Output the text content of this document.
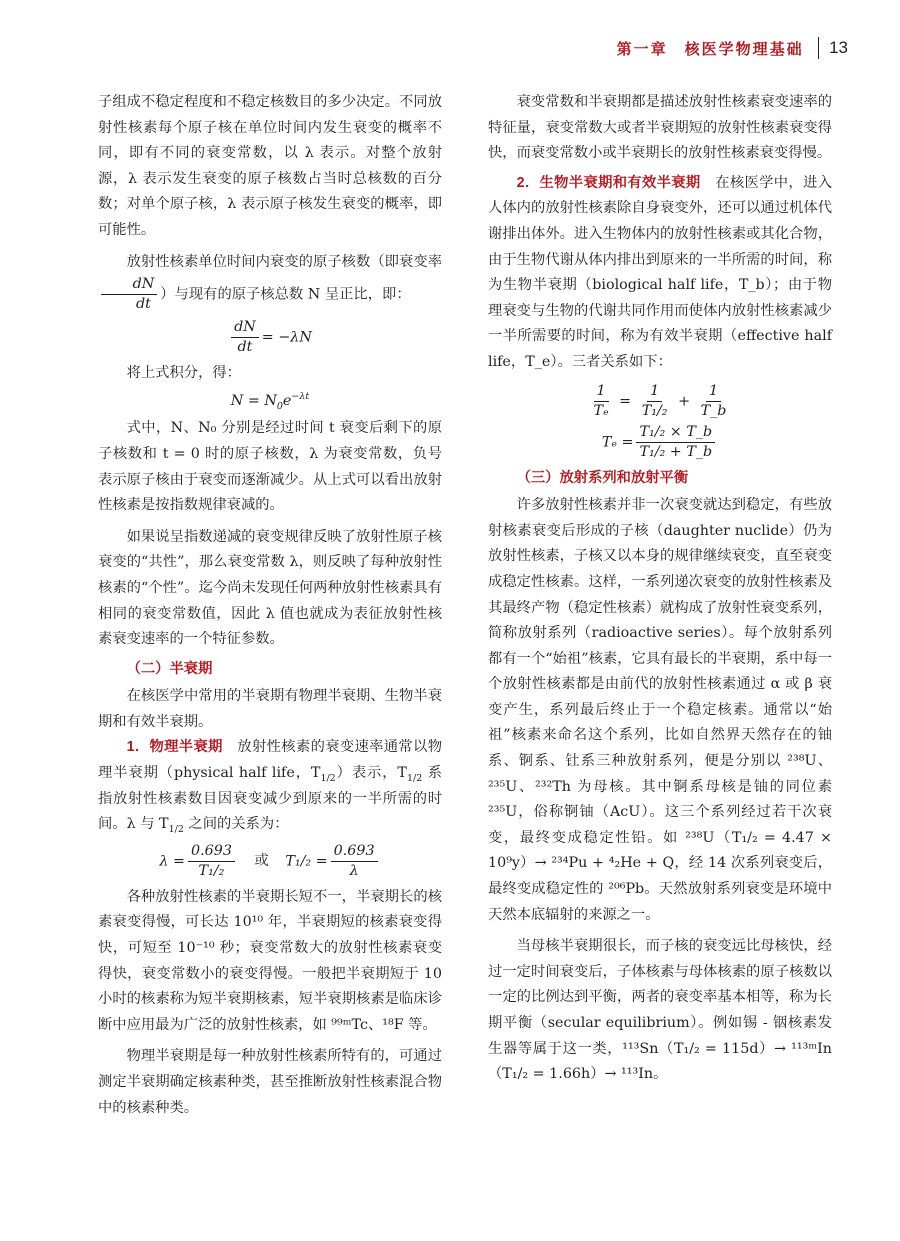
第一章　核医学物理基础 13

子组成不稳定程度和不稳定核数目的多少决定。不同放射性核素每个原子核在单位时间内发生衰变的概率不同，即有不同的衰变常数，以 λ 表示。对整个放射源，λ 表示发生衰变的原子核数占当时总核数的百分数；对单个原子核，λ 表示原子核发生衰变的概率，即可能性。

放射性核素单位时间内衰变的原子核数（即衰变率
$\frac{dN}{dt}$ ）与现有的原子核总数 N 呈正比，即：

$\frac{dN}{dt} = -\lambda N$

将上式积分，得：

$N = N_0e^{-\lambda t}$

式中，N、N₀ 分别是经过时间 t 衰变后剩下的原子核数和 t = 0 时的原子核数，λ 为衰变常数，负号表示原子核由于衰变而逐渐减少。从上式可以看出放射性核素是按指数规律衰减的。

如果说呈指数递减的衰变规律反映了放射性原子核衰变的“共性”，那么衰变常数 λ，则反映了每种放射性核素的“个性”。迄今尚未发现任何两种放射性核素具有相同的衰变常数值，因此 λ 值也就成为表征放射性核素衰变速率的一个特征参数。

（二）半衰期

在核医学中常用的半衰期有物理半衰期、生物半衰期和有效半衰期。

1．物理半衰期　放射性核素的衰变速率通常以物理半衰期（physical half life，$T_{1/2}$）表示，$T_{1/2}$ 系指放射性核素数目因衰变减少到原来的一半所需的时间。λ 与 $T_{1/2}$ 之间的关系为：

$\lambda = \frac{0.693}{\text{T₁/₂}}$ 或 $T_1/_2 = \frac{0.693}{\lambda}$

各种放射性核素的半衰期长短不一，半衰期长的核素衰变得慢，可长达 10¹⁰ 年，半衰期短的核素衰变得快，可短至 10⁻¹⁰ 秒；衰变常数大的放射性核素衰变得快，衰变常数小的衰变得慢。一般把半衰期短于 10 小时的核素称为短半衰期核素，短半衰期核素是临床诊断中应用最为广泛的放射性核素，如 ⁹⁹ᵐTc、¹⁸F 等。

物理半衰期是每一种放射性核素所特有的，可通过测定半衰期确定核素种类，甚至推断放射性核素混合物中的核素种类。

衰变常数和半衰期都是描述放射性核素衰变速率的特征量，衰变常数大或者半衰期短的放射性核素衰变得快，而衰变常数小或半衰期长的放射性核素衰变得慢。

2．生物半衰期和有效半衰期　在核医学中，进入人体内的放射性核素除自身衰变外，还可以通过机体代谢排出体外。进入生物体内的放射性核素或其化合物，由于生物代谢从体内排出到原来的一半所需的时间，称为生物半衰期（biological half life，T_b）；由于物理衰变与生物的代谢共同作用而使体内放射性核素减少一半所需要的时间，称为有效半衰期（effective half life，T_e）。三者关系如下：

$\frac{1}{\text{Tₑ}} = \frac{1}{\text{T₁/₂}} + \frac{1}{T\_b}$
$T_e = \frac{\text{T₁/₂ × T\_b}}{\text{T₁/₂ + T\_b}}$

（三）放射系列和放射平衡

许多放射性核素并非一次衰变就达到稳定，有些放射核素衰变后形成的子核（daughter nuclide）仍为放射性核素，子核又以本身的规律继续衰变，直至衰变成稳定性核素。这样，一系列递次衰变的放射性核素及其最终产物（稳定性核素）就构成了放射性衰变系列，简称放射系列（radioactive series）。每个放射系列都有一个“始祖”核素，它具有最长的半衰期，系中每一个放射性核素都是由前代的放射性核素通过 α 或 β 衰变产生，系列最后终止于一个稳定核素。通常以“始祖”核素来命名这个系列，比如自然界天然存在的铀系、锕系、钍系三种放射系列，便是分别以 ²³⁸U、²³⁵U、²³²Th 为母核。其中锕系母核是铀的同位素 ²³⁵U，俗称锕铀（AcU）。这三个系列经过若干次衰变，最终变成稳定性铅。如 ²³⁸U（T₁/₂ = 4.47 × 10⁹y）→ ²³⁴Pu + ⁴₂He + Q，经 14 次系列衰变后，最终变成稳定性的 ²⁰⁶Pb。天然放射系列衰变是环境中天然本底辐射的来源之一。

当母核半衰期很长，而子核的衰变远比母核快，经过一定时间衰变后，子体核素与母体核素的原子核数以一定的比例达到平衡，两者的衰变率基本相等，称为长期平衡（secular equilibrium）。例如锡 - 铟核素发生器等属于这一类，¹¹³Sn（T₁/₂ = 115d）→ ¹¹³ᵐIn（T₁/₂ = 1.66h）→ ¹¹³In。
